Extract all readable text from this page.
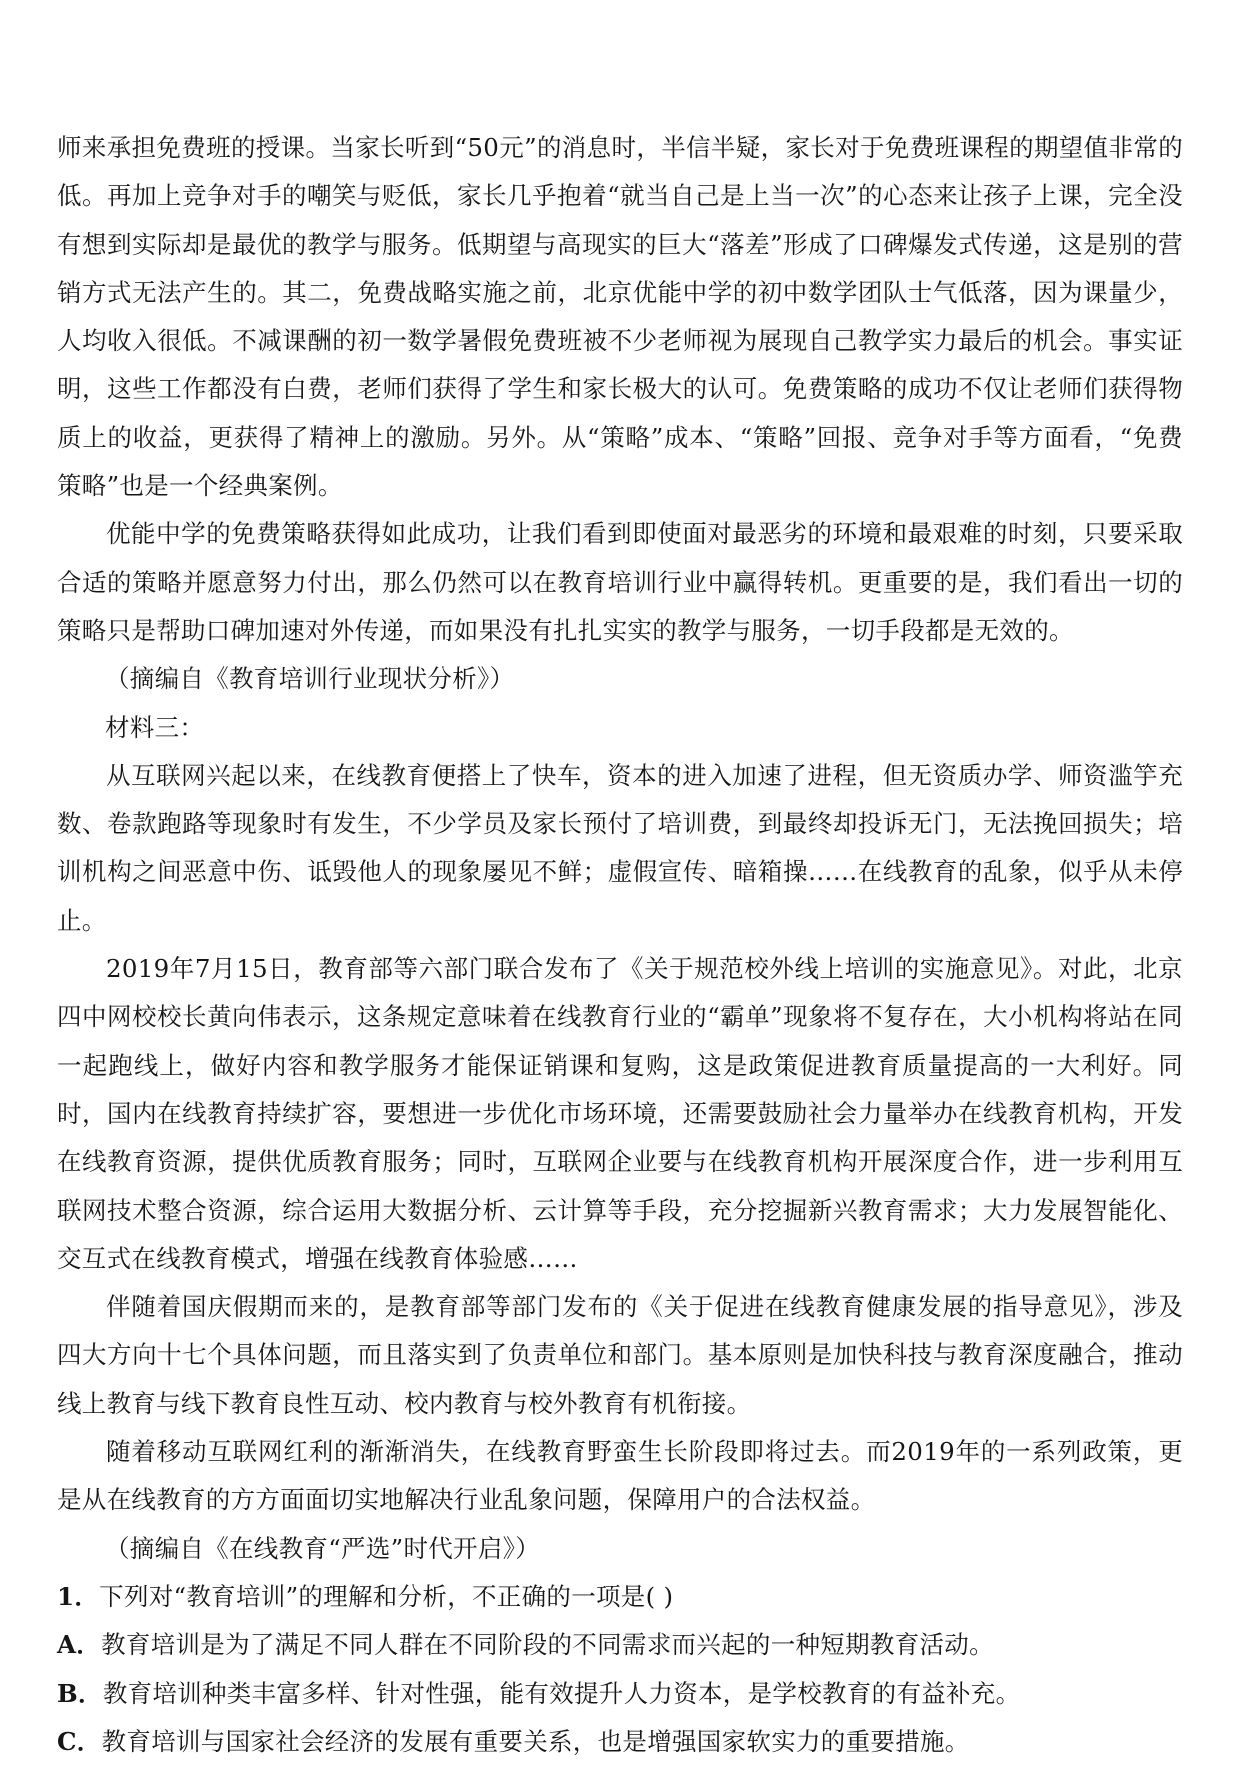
师来承担免费班的授课。当家长听到“50元”的消息时，半信半疑，家长对于免费班课程的期望值非常的低。再加上竞争对手的嘲笑与贬低，家长几乎抱着“就当自己是上当一次”的心态来让孩子上课，完全没有想到实际却是最优的教学与服务。低期望与高现实的巨大“落差”形成了口碑爆发式传递，这是别的营销方式无法产生的。其二，免费战略实施之前，北京优能中学的初中数学团队士气低落，因为课量少，人均收入很低。不减课酬的初一数学暑假免费班被不少老师视为展现自己教学实力最后的机会。事实证明，这些工作都没有白费，老师们获得了学生和家长极大的认可。免费策略的成功不仅让老师们获得物质上的收益，更获得了精神上的激励。另外。从“策略”成本、“策略”回报、竞争对手等方面看，“免费策略”也是一个经典案例。

优能中学的免费策略获得如此成功，让我们看到即使面对最恶劣的环境和最艰难的时刻，只要采取合适的策略并愿意努力付出，那么仍然可以在教育培训行业中赢得转机。更重要的是，我们看出一切的策略只是帮助口碑加速对外传递，而如果没有扎扎实实的教学与服务，一切手段都是无效的。

（摘编自《教育培训行业现状分析》）

材料三：

从互联网兴起以来，在线教育便搭上了快车，资本的进入加速了进程，但无资质办学、师资滥竽充数、卷款跑路等现象时有发生，不少学员及家长预付了培训费，到最终却投诉无门，无法挽回损失；培训机构之间恶意中伤、诋毁他人的现象屡见不鲜；虚假宣传、暗箱操……在线教育的乱象，似乎从未停止。

2019年7月15日，教育部等六部门联合发布了《关于规范校外线上培训的实施意见》。对此，北京四中网校校长黄向伟表示，这条规定意味着在线教育行业的“霸单”现象将不复存在，大小机构将站在同一起跑线上，做好内容和教学服务才能保证销课和复购，这是政策促进教育质量提高的一大利好。同时，国内在线教育持续扩容，要想进一步优化市场环境，还需要鼓励社会力量举办在线教育机构，开发在线教育资源，提供优质教育服务；同时，互联网企业要与在线教育机构开展深度合作，进一步利用互联网技术整合资源，综合运用大数据分析、云计算等手段，充分挖掘新兴教育需求；大力发展智能化、交互式在线教育模式，增强在线教育体验感……

伴随着国庆假期而来的，是教育部等部门发布的《关于促进在线教育健康发展的指导意见》，涉及四大方向十七个具体问题，而且落实到了负责单位和部门。基本原则是加快科技与教育深度融合，推动线上教育与线下教育良性互动、校内教育与校外教育有机衔接。

随着移动互联网红利的渐渐消失，在线教育野蛮生长阶段即将过去。而2019年的一系列政策，更是从在线教育的方方面面切实地解决行业乱象问题，保障用户的合法权益。

（摘编自《在线教育“严选”时代开启》）

1．下列对“教育培训”的理解和分析，不正确的一项是( )

A．教育培训是为了满足不同人群在不同阶段的不同需求而兴起的一种短期教育活动。

B．教育培训种类丰富多样、针对性强，能有效提升人力资本，是学校教育的有益补充。

C．教育培训与国家社会经济的发展有重要关系，也是增强国家软实力的重要措施。
